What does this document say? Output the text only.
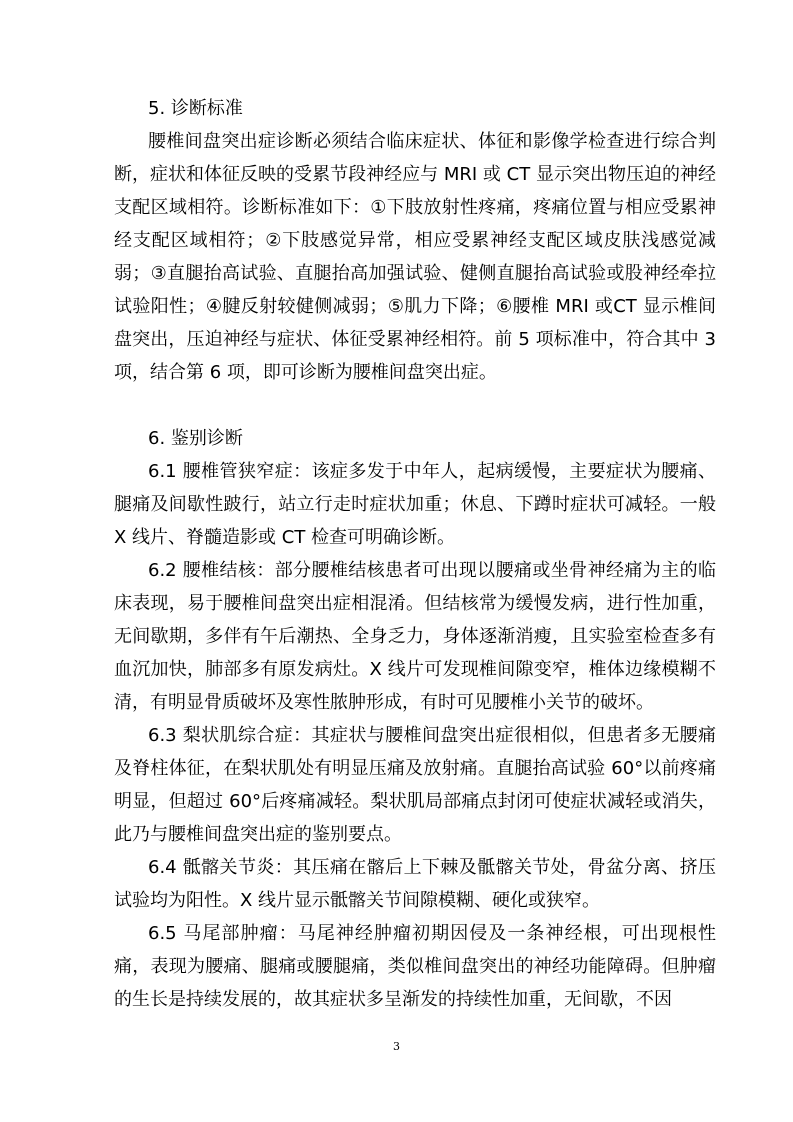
5. 诊断标准

腰椎间盘突出症诊断必须结合临床症状、体征和影像学检查进行综合判断，症状和体征反映的受累节段神经应与 MRI 或 CT 显示突出物压迫的神经支配区域相符。诊断标准如下：①下肢放射性疼痛，疼痛位置与相应受累神经支配区域相符；②下肢感觉异常，相应受累神经支配区域皮肤浅感觉减弱；③直腿抬高试验、直腿抬高加强试验、健侧直腿抬高试验或股神经牵拉试验阳性；④腱反射较健侧减弱；⑤肌力下降；⑥腰椎 MRI 或CT 显示椎间盘突出，压迫神经与症状、体征受累神经相符。前 5 项标准中，符合其中 3 项，结合第 6 项，即可诊断为腰椎间盘突出症。

6. 鉴别诊断

6.1 腰椎管狭窄症：该症多发于中年人，起病缓慢，主要症状为腰痛、腿痛及间歇性跛行，站立行走时症状加重；休息、下蹲时症状可减轻。一般 X 线片、脊髓造影或 CT 检查可明确诊断。

6.2 腰椎结核：部分腰椎结核患者可出现以腰痛或坐骨神经痛为主的临床表现，易于腰椎间盘突出症相混淆。但结核常为缓慢发病，进行性加重，无间歇期，多伴有午后潮热、全身乏力，身体逐渐消瘦，且实验室检查多有血沉加快，肺部多有原发病灶。X 线片可发现椎间隙变窄，椎体边缘模糊不清，有明显骨质破坏及寒性脓肿形成，有时可见腰椎小关节的破坏。

6.3 梨状肌综合症：其症状与腰椎间盘突出症很相似，但患者多无腰痛及脊柱体征，在梨状肌处有明显压痛及放射痛。直腿抬高试验 60°以前疼痛明显，但超过 60°后疼痛减轻。梨状肌局部痛点封闭可使症状减轻或消失，此乃与腰椎间盘突出症的鉴别要点。

6.4 骶髂关节炎：其压痛在髂后上下棘及骶髂关节处，骨盆分离、挤压试验均为阳性。X 线片显示骶髂关节间隙模糊、硬化或狭窄。

6.5 马尾部肿瘤：马尾神经肿瘤初期因侵及一条神经根，可出现根性痛，表现为腰痛、腿痛或腰腿痛，类似椎间盘突出的神经功能障碍。但肿瘤的生长是持续发展的，故其症状多呈渐发的持续性加重，无间歇，不因

3
